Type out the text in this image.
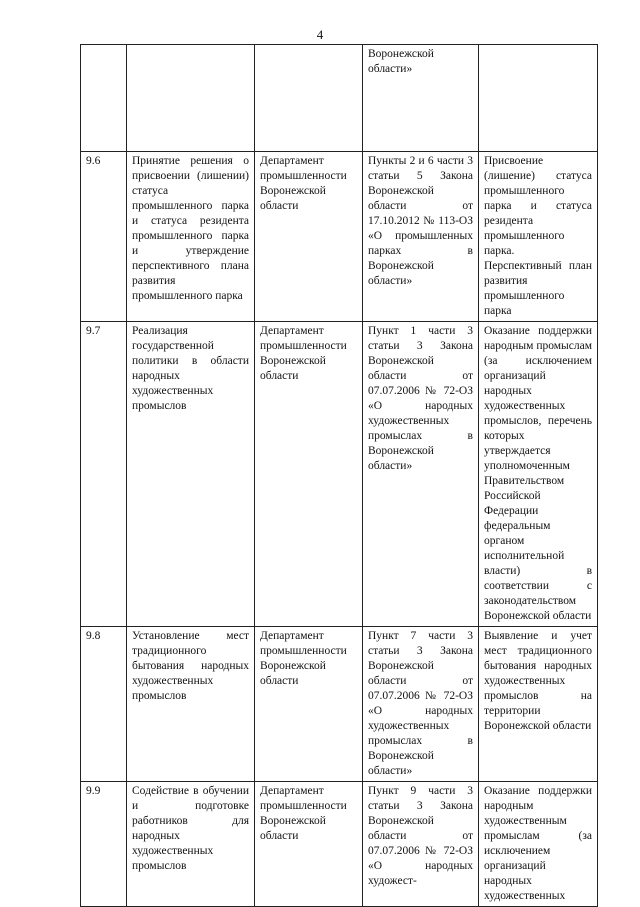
4
			Воронежской области»	
9.6	Принятие решения о присвоении (лишении) статуса промышленного парка и статуса резидента промышленного парка и утверждение перспективного плана развития промышленного парка	Департамент промышленности Воронежской области	Пункты 2 и 6 части 3 статьи 5 Закона Воронежской области от 17.10.2012 № 113-ОЗ «О промышленных парках в Воронежской области»	Присвоение (лишение) статуса промышленного парка и статуса резидента промышленного парка. Перспективный план развития промышленного парка
9.7	Реализация государственной политики в области народных художественных промыслов	Департамент промышленности Воронежской области	Пункт 1 части 3 статьи 3 Закона Воронежской области от 07.07.2006 № 72-ОЗ «О народных художественных промыслах в Воронежской области»	Оказание поддержки народным промыслам (за исключением организаций народных художественных промыслов, перечень которых утверждается уполномоченным Правительством Российской Федерации федеральным органом исполнительной власти) в соответствии с законодательством Воронежской области
9.8	Установление мест традиционного бытования народных художественных промыслов	Департамент промышленности Воронежской области	Пункт 7 части 3 статьи 3 Закона Воронежской области от 07.07.2006 № 72-ОЗ «О народных художественных промыслах в Воронежской области»	Выявление и учет мест традиционного бытования народных художественных промыслов на территории Воронежской области
9.9	Содействие в обучении и подготовке работников для народных художественных промыслов	Департамент промышленности Воронежской области	Пункт 9 части 3 статьи 3 Закона Воронежской области от 07.07.2006 № 72-ОЗ «О народных художест-	Оказание поддержки народным художественным промыслам (за исключением организаций народных художественных
